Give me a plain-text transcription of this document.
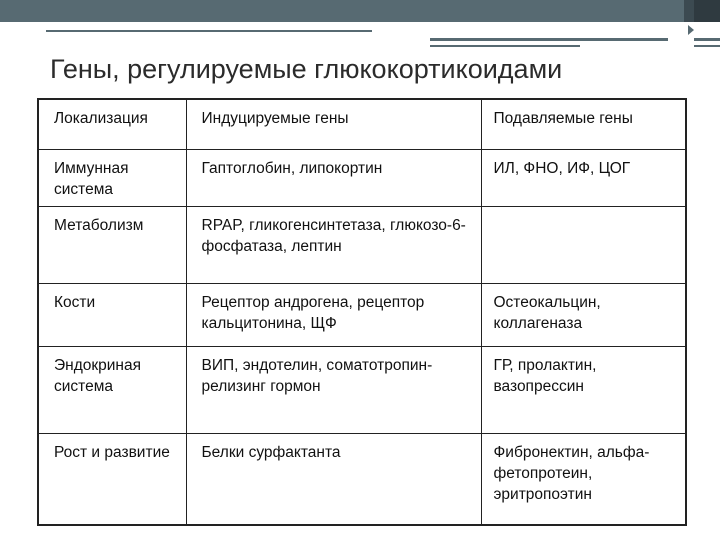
Гены, регулируемые глюкокортикоидами
Локализация	Индуцируемые гены	Подавляемые гены
Иммунная система	Гаптоглобин, липокортин	ИЛ, ФНО, ИФ, ЦОГ
Метаболизм	RPAP, гликогенсинтетаза, глюкозо-6-фосфатаза, лептин	
Кости	Рецептор андрогена, рецептор кальцитонина, ЩФ	Остеокальцин, коллагеназа
Эндокриная система	ВИП, эндотелин, соматотропин-релизинг гормон	ГР, пролактин, вазопрессин
Рост и развитие	Белки сурфактанта	Фибронектин, альфа-фетопротеин, эритропоэтин
